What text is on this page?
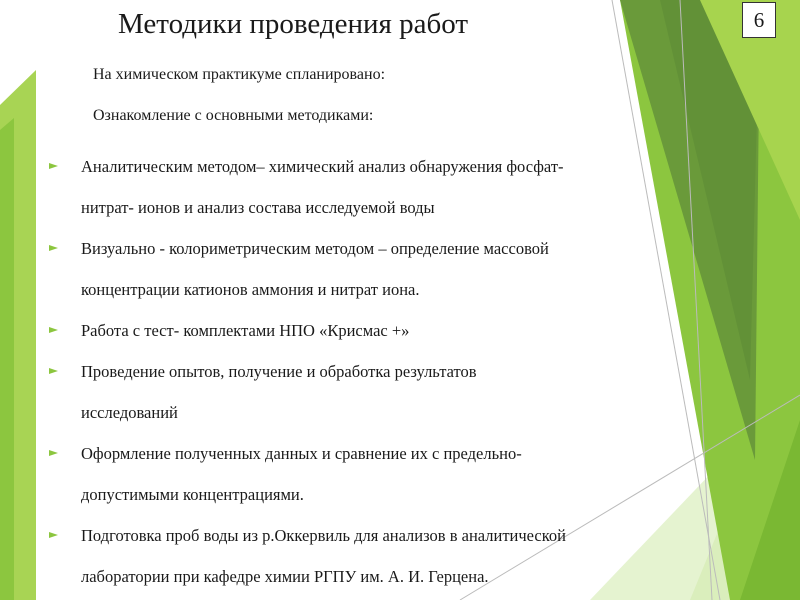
Методики проведения работ	6
На химическом практикуме спланировано:
Ознакомление с основными методиками:
Аналитическим методом– химический анализ обнаружения фосфат-
нитрат- ионов и анализ состава исследуемой воды
Визуально - колориметрическим методом – определение массовой
концентрации катионов аммония и нитрат иона.
Работа с тест- комплектами НПО «Крисмас +»
Проведение опытов, получение и обработка результатов
исследований
Оформление полученных данных и сравнение их с предельно-
допустимыми концентрациями.
Подготовка проб воды из р.Оккервиль для анализов в аналитической
лаборатории при кафедре химии РГПУ им. А. И. Герцена.
